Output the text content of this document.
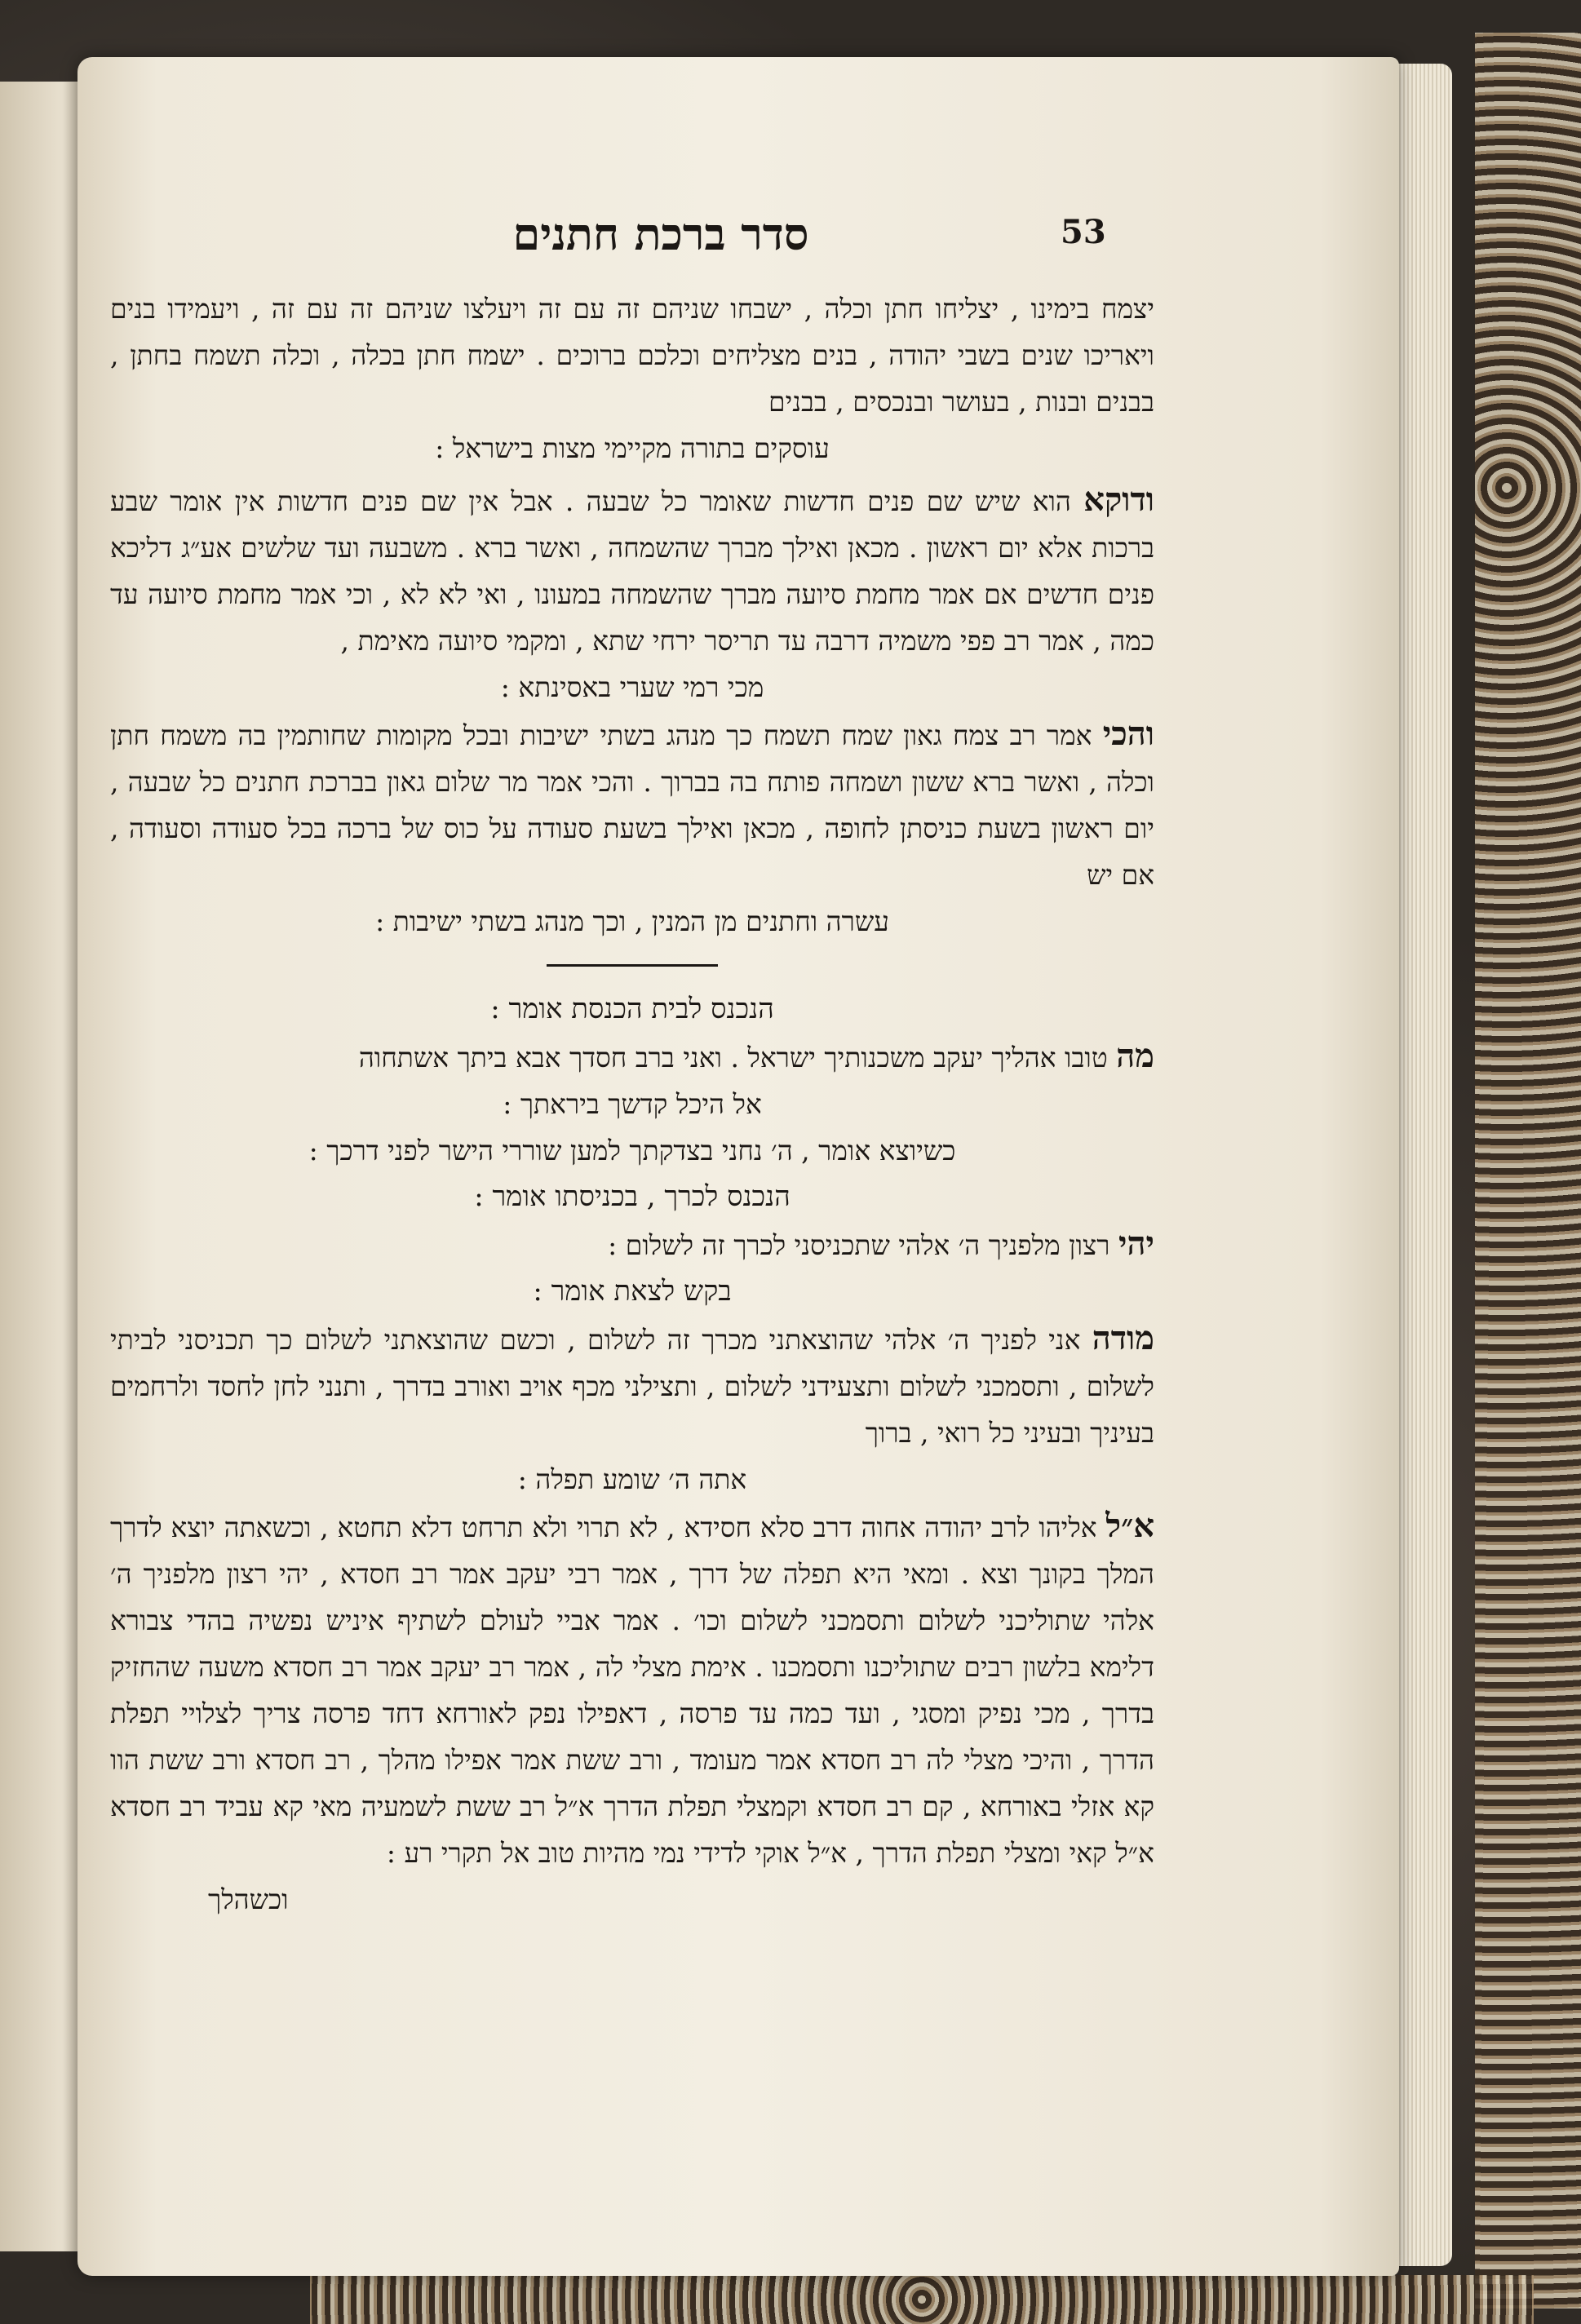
סדר ברכת חתנים	53

יצמח בימינו , יצליחו חתן וכלה , ישבחו שניהם זה עם זה ויעלצו שניהם זה עם זה , ויעמידו בנים ויאריכו שנים בשבי יהודה , בנים מצליחים וכלכם ברוכים . ישמח חתן בכלה , וכלה תשמח בחתן , בבנים ובנות , בעושר ובנכסים , בבנים

עוסקים בתורה מקיימי מצות בישראל :

ודוקא הוא שיש שם פנים חדשות שאומר כל שבעה . אבל אין שם פנים חדשות אין אומר שבע ברכות אלא יום ראשון . מכאן ואילך מברך שהשמחה , ואשר ברא . משבעה ועד שלשים אע״ג דליכא פנים חדשים אם אמר מחמת סיועה מברך שהשמחה במעונו , ואי לא לא , וכי אמר מחמת סיועה עד כמה , אמר רב פפי משמיה דרבה עד תריסר ירחי שתא , ומקמי סיועה מאימת ,

מכי רמי שערי באסינתא :

והכי אמר רב צמח גאון שמח תשמח כך מנהג בשתי ישיבות ובכל מקומות שחותמין בה משמח חתן וכלה , ואשר ברא ששון ושמחה פותח בה בברוך . והכי אמר מר שלום גאון בברכת חתנים כל שבעה , יום ראשון בשעת כניסתן לחופה , מכאן ואילך בשעת סעודה על כוס של ברכה בכל סעודה וסעודה , אם יש

עשרה וחתנים מן המנין , וכך מנהג בשתי ישיבות :

הנכנס לבית הכנסת אומר :

מה טובו אהליך יעקב משכנותיך ישראל . ואני ברב חסדך אבא ביתך אשתחוה

אל היכל קדשך ביראתך :

כשיוצא אומר , ה׳ נחני בצדקתך למען שוררי הישר לפני דרכך :

הנכנס לכרך , בכניסתו אומר :

יהי רצון מלפניך ה׳ אלהי שתכניסני לכרך זה לשלום :

בקש לצאת אומר :

מודה אני לפניך ה׳ אלהי שהוצאתני מכרך זה לשלום , וכשם שהוצאתני לשלום כך תכניסני לביתי לשלום , ותסמכני לשלום ותצעידני לשלום , ותצילני מכף אויב ואורב בדרך , ותנני לחן לחסד ולרחמים בעיניך ובעיני כל רואי , ברוך

אתה ה׳ שומע תפלה :

א״ל אליהו לרב יהודה אחוה דרב סלא חסידא , לא תרוי ולא תרחט דלא תחטא , וכשאתה יוצא לדרך המלך בקונך וצא . ומאי היא תפלה של דרך , אמר רבי יעקב אמר רב חסדא , יהי רצון מלפניך ה׳ אלהי שתוליכני לשלום ותסמכני לשלום וכו׳ . אמר אביי לעולם לשתיף איניש נפשיה בהדי צבורא דלימא בלשון רבים שתוליכנו ותסמכנו . אימת מצלי לה , אמר רב יעקב אמר רב חסדא משעה שהחזיק בדרך , מכי נפיק ומסגי , ועד כמה עד פרסה , דאפילו נפק לאורחא דחד פרסה צריך לצלויי תפלת הדרך , והיכי מצלי לה רב חסדא אמר מעומד , ורב ששת אמר אפילו מהלך , רב חסדא ורב ששת הוו קא אזלי באורחא , קם רב חסדא וקמצלי תפלת הדרך א״ל רב ששת לשמעיה מאי קא עביד רב חסדא א״ל קאי ומצלי תפלת הדרך , א״ל אוקי לדידי נמי מהיות טוב אל תקרי רע :

וכשהלך
